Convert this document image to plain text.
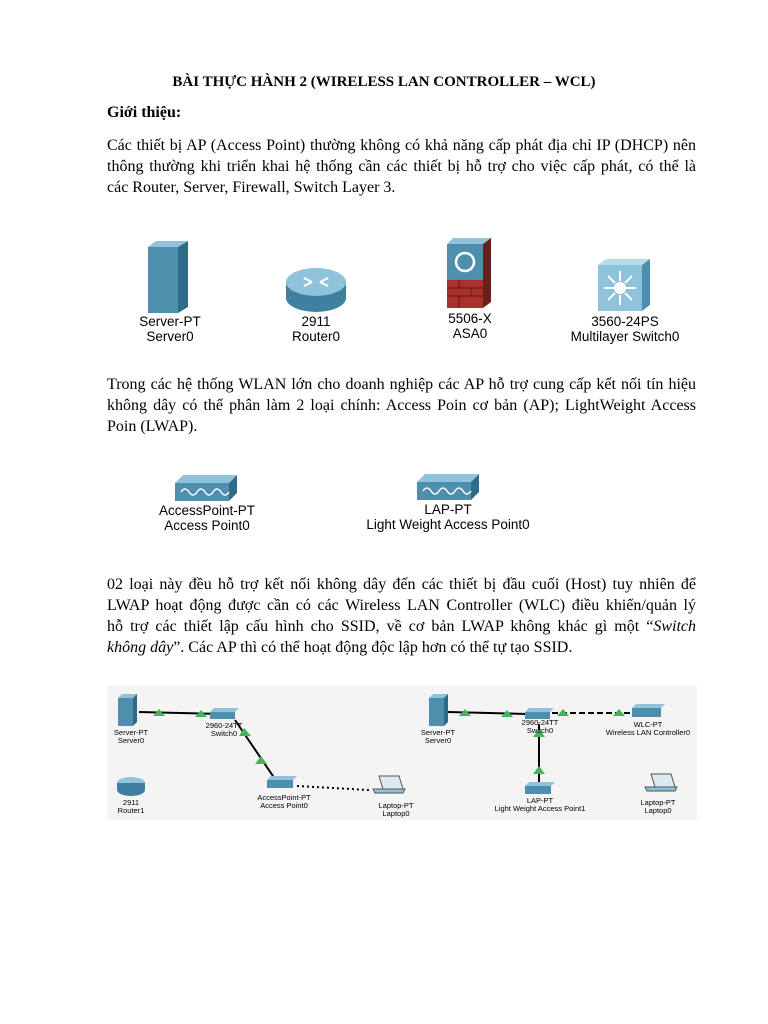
BÀI THỰC HÀNH 2 (WIRELESS LAN CONTROLLER – WCL)
Giới thiệu:
Các thiết bị AP (Access Point) thường không có khả năng cấp phát địa chỉ IP (DHCP) nên
thông thường khi triển khai hệ thống cần các thiết bị hỗ trợ cho việc cấp phát, có thể là
các Router, Server, Firewall, Switch Layer 3.
Server-PT
Server0
2911
Router0
5506-X
ASA0
3560-24PS
Multilayer Switch0
Trong các hệ thống WLAN lớn cho doanh nghiệp các AP hỗ trợ cung cấp kết nối tín hiệu
không dây có thể phân làm 2 loại chính: Access Poin cơ bản (AP); LightWeight Access
Poin (LWAP).
AccessPoint-PT
Access Point0
LAP-PT
Light Weight Access Point0
02 loại này đều hỗ trợ kết nối không dây đến các thiết bị đầu cuối (Host) tuy nhiên để
LWAP hoạt động được cần có các Wireless LAN Controller (WLC) điều khiển/quản lý
hỗ trợ các thiết lập cấu hình cho SSID, về cơ bản LWAP không khác gì một “Switch
không dây”. Các AP thì có thể hoạt động độc lập hơn có thể tự tạo SSID.
Server-PT
Server0
2960-24TT
Switch0
2911
Router1
AccessPoint-PT
Access Point0	Laptop-PT
Laptop0
Server-PT
Server0
2960-24TT
Switch0
WLC-PT
Wireless LAN Controller0
LAP-PT
Light Weight Access Point1
Laptop-PT
Laptop0
